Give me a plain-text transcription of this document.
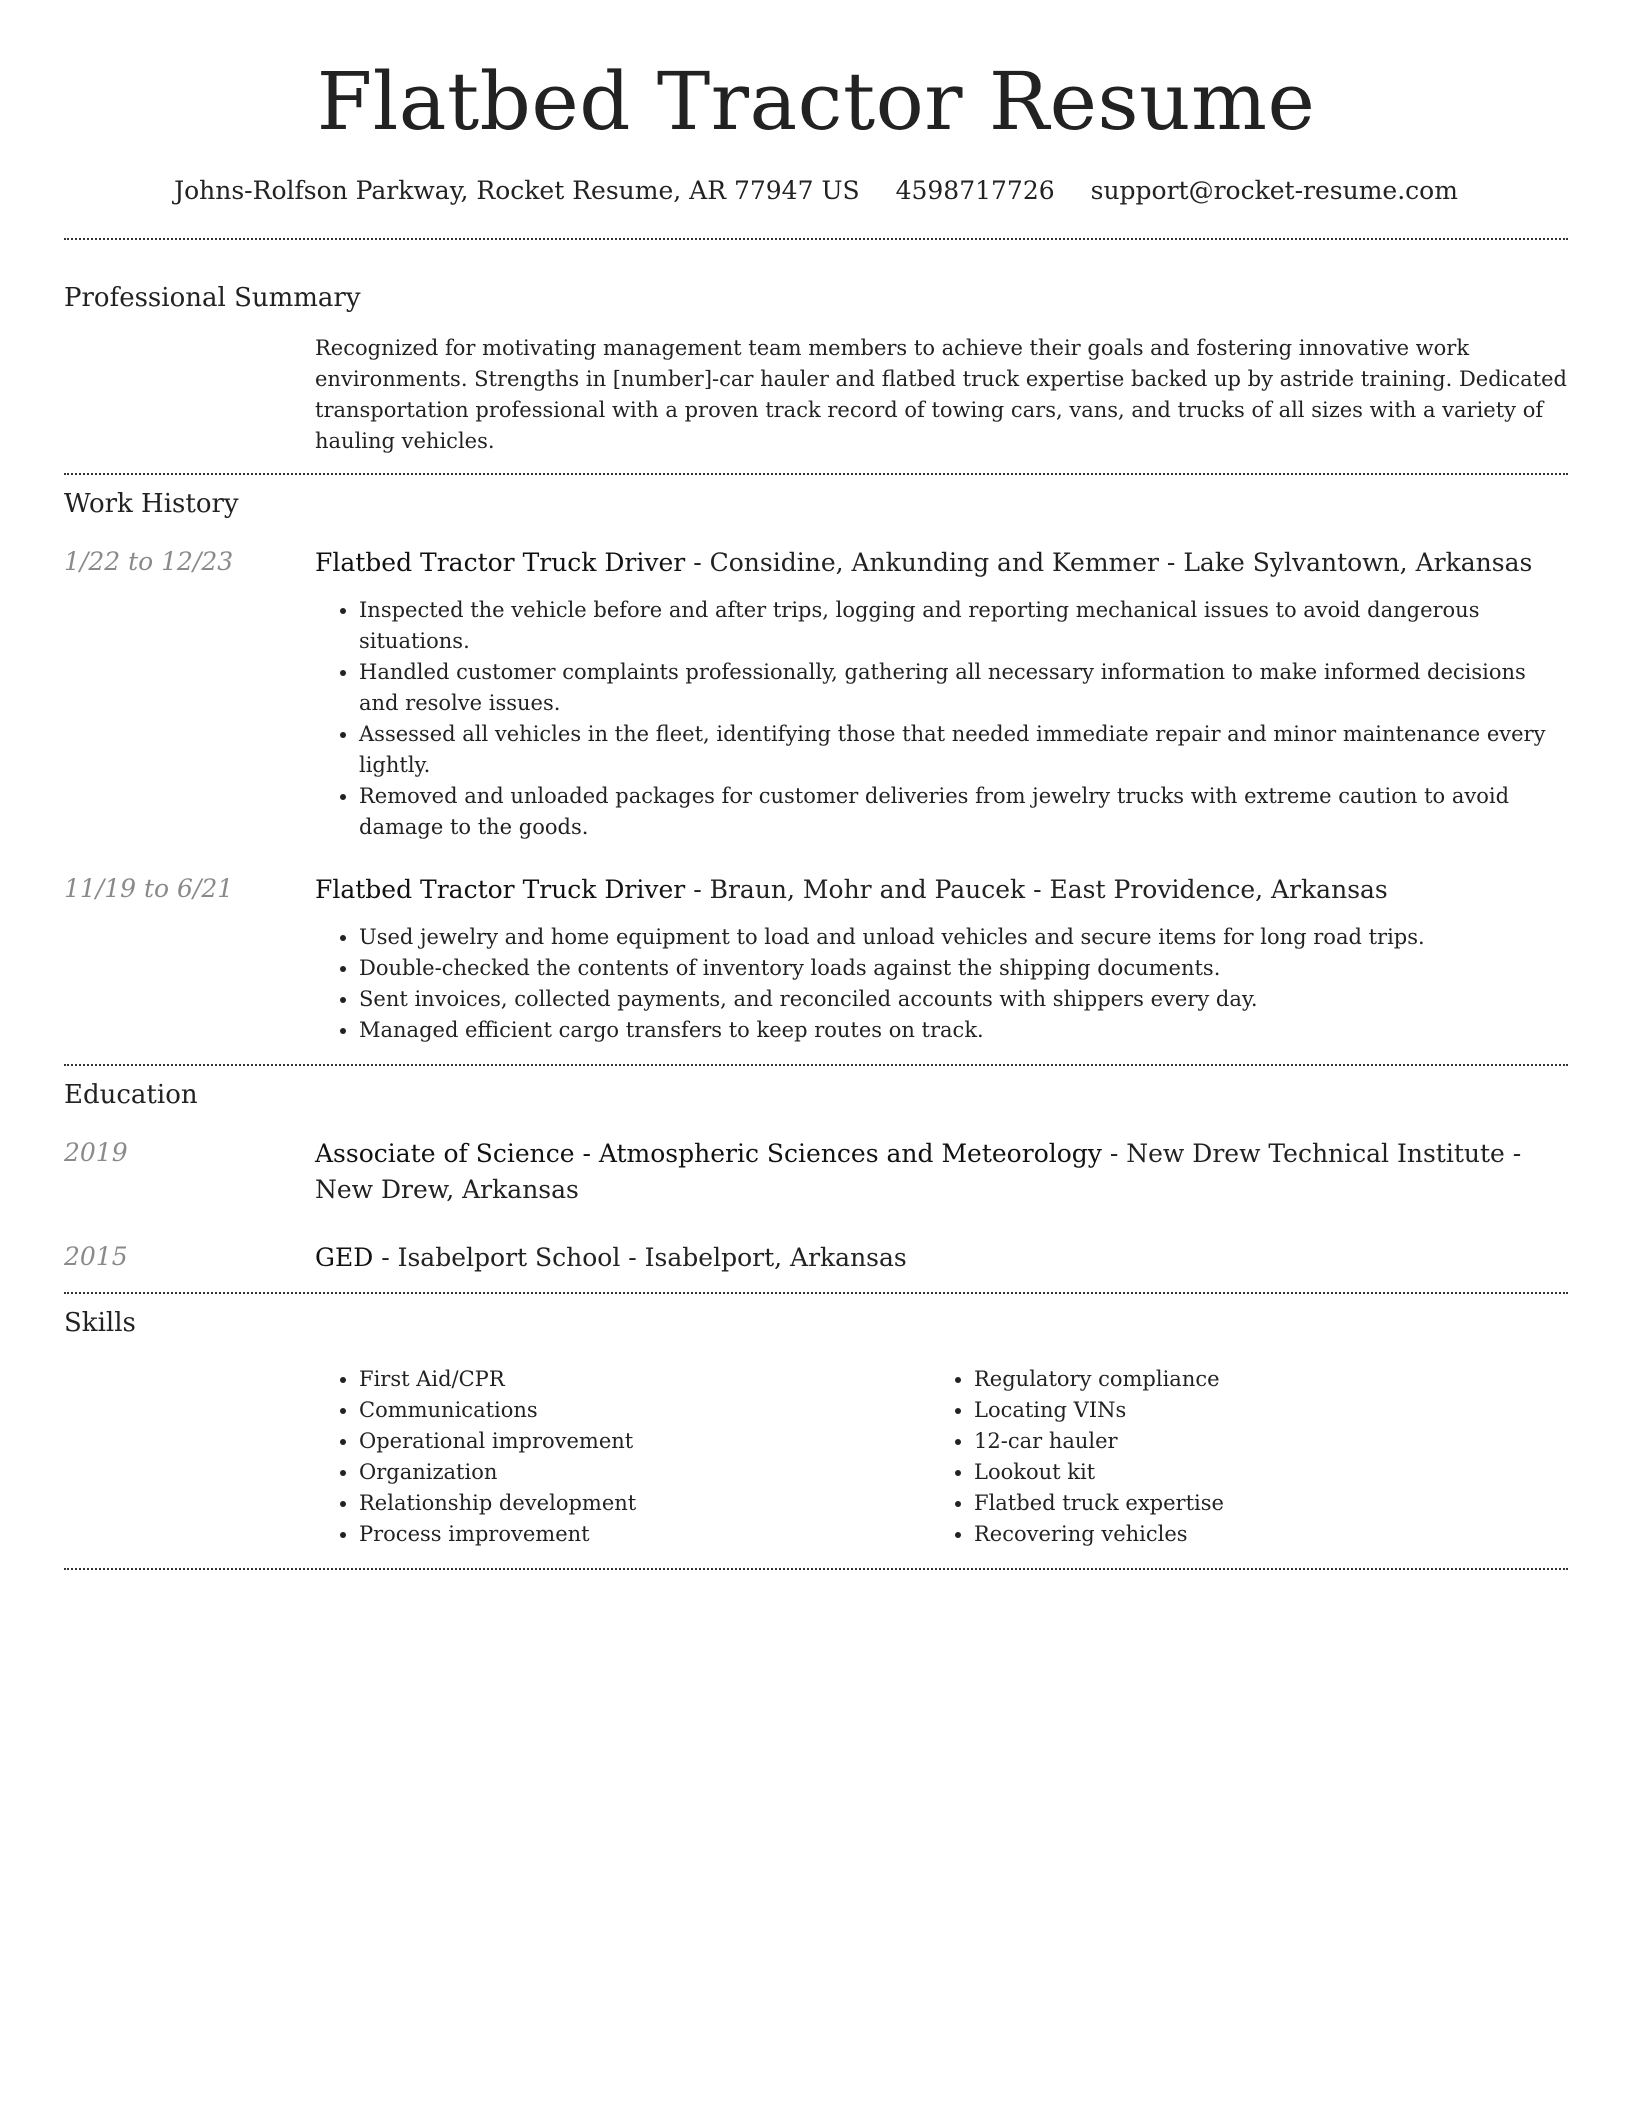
Flatbed Tractor Resume
Johns-Rolfson Parkway, Rocket Resume, AR 77947 US 4598717726 support@rocket-resume.com
Professional Summary

Recognized for motivating management team members to achieve their goals and fostering innovative work environments. Strengths in [number]-car hauler and flatbed truck expertise backed up by astride training. Dedicated transportation professional with a proven track record of towing cars, vans, and trucks of all sizes with a variety of hauling vehicles.

Work History
1/22 to 12/23	Flatbed Tractor Truck Driver - Considine, Ankunding and Kemmer - Lake Sylvantown, Arkansas
• Inspected the vehicle before and after trips, logging and reporting mechanical issues to avoid dangerous situations.
• Handled customer complaints professionally, gathering all necessary information to make informed decisions and resolve issues.
• Assessed all vehicles in the fleet, identifying those that needed immediate repair and minor maintenance every lightly.
• Removed and unloaded packages for customer deliveries from jewelry trucks with extreme caution to avoid damage to the goods.
11/19 to 6/21	Flatbed Tractor Truck Driver - Braun, Mohr and Paucek - East Providence, Arkansas
• Used jewelry and home equipment to load and unload vehicles and secure items for long road trips.
• Double-checked the contents of inventory loads against the shipping documents.
• Sent invoices, collected payments, and reconciled accounts with shippers every day.
• Managed efficient cargo transfers to keep routes on track.
Education
2019	Associate of Science - Atmospheric Sciences and Meteorology - New Drew Technical Institute - New Drew, Arkansas
2015	GED - Isabelport School - Isabelport, Arkansas
Skills
• First Aid/CPR
• Communications
• Operational improvement
• Organization
• Relationship development
• Process improvement
• Regulatory compliance
• Locating VINs
• 12-car hauler
• Lookout kit
• Flatbed truck expertise
• Recovering vehicles
